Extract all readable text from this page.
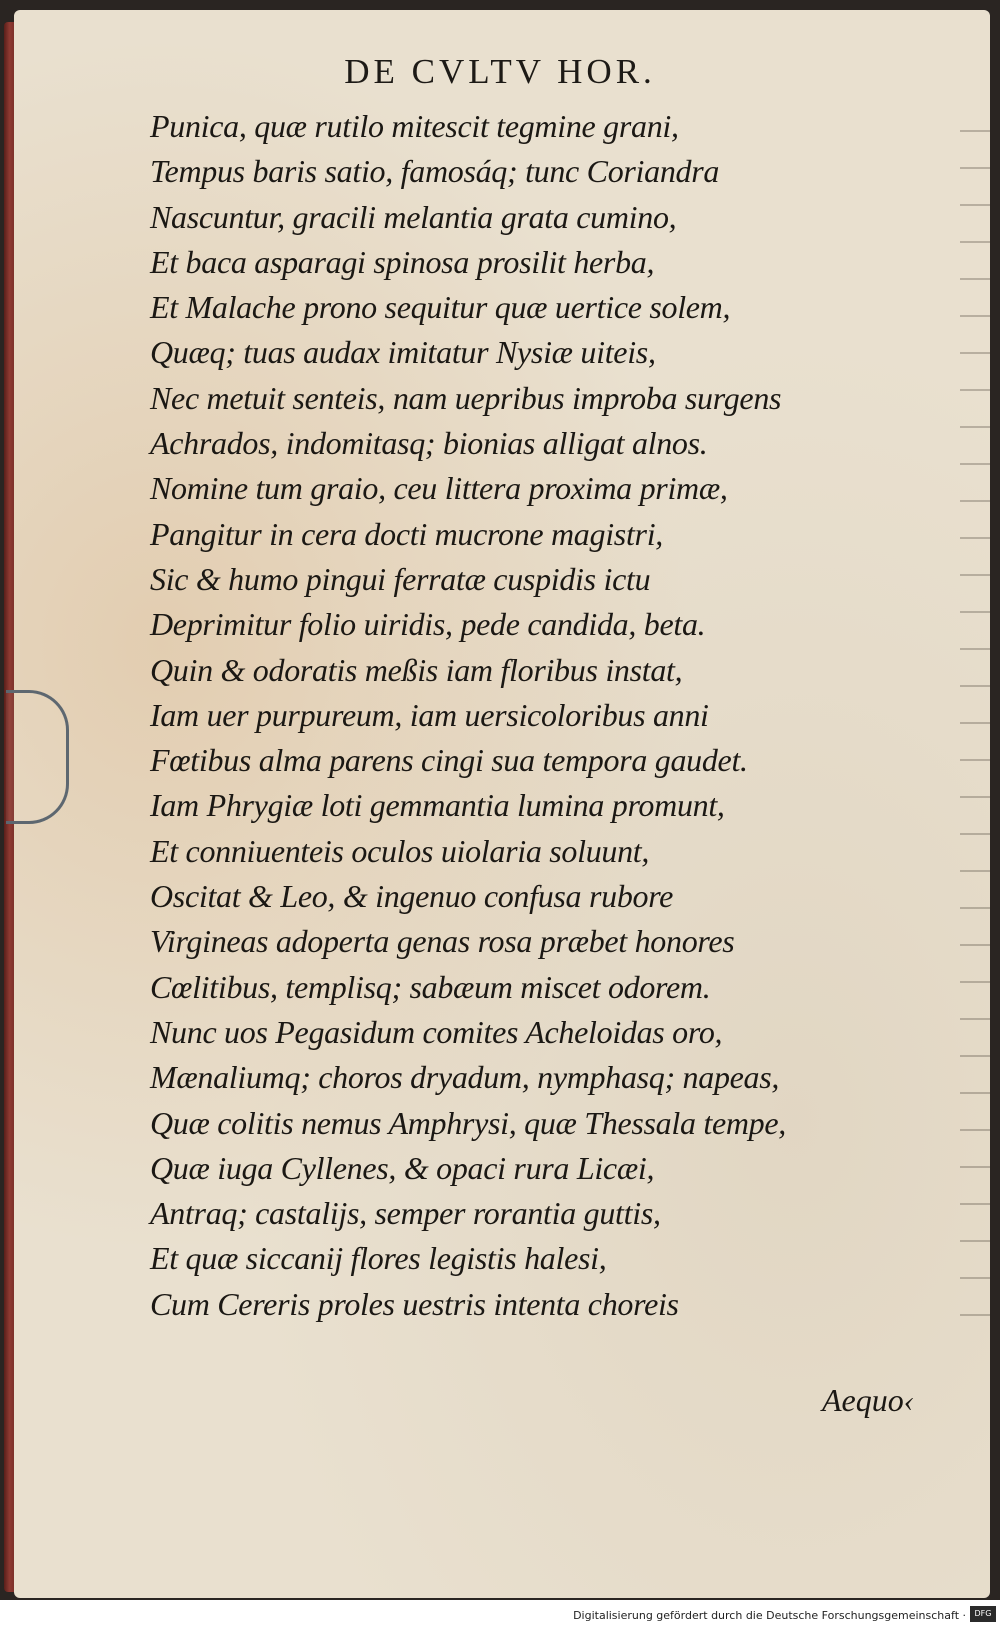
DE CVLTV HOR.
Punica, quæ rutilo mitescit tegmine grani,
Tempus baris satio, famosáq; tunc Coriandra
Nascuntur, gracili melantia grata cumino,
Et baca asparagi spinosa prosilit herba,
Et Malache prono sequitur quæ uertice solem,
Quæq; tuas audax imitatur Nysiæ uiteis,
Nec metuit senteis, nam uepribus improba surgens
Achrados, indomitasq; bionias alligat alnos.
Nomine tum graio, ceu littera proxima primæ,
Pangitur in cera docti mucrone magistri,
Sic & humo pingui ferratæ cuspidis ictu
Deprimitur folio uiridis, pede candida, beta.
Quin & odoratis meßis iam floribus instat,
Iam uer purpureum, iam uersicoloribus anni
Fœtibus alma parens cingi sua tempora gaudet.
Iam Phrygiæ loti gemmantia lumina promunt,
Et conniuenteis oculos uiolaria soluunt,
Oscitat & Leo, & ingenuo confusa rubore
Virgineas adoperta genas rosa præbet honores
Cœlitibus, templisq; sabæum miscet odorem.
Nunc uos Pegasidum comites Acheloidas oro,
Mænaliumq; choros dryadum, nymphasq; napeas,
Quæ colitis nemus Amphrysi, quæ Thessala tempe,
Quæ iuga Cyllenes, & opaci rura Licæi,
Antraq; castalijs, semper rorantia guttis,
Et quæ siccanij flores legistis halesi,
Cum Cereris proles uestris intenta choreis
Aequo‹
Digitalisierung gefördert durch die Deutsche Forschungsgemeinschaft ·	DFG
